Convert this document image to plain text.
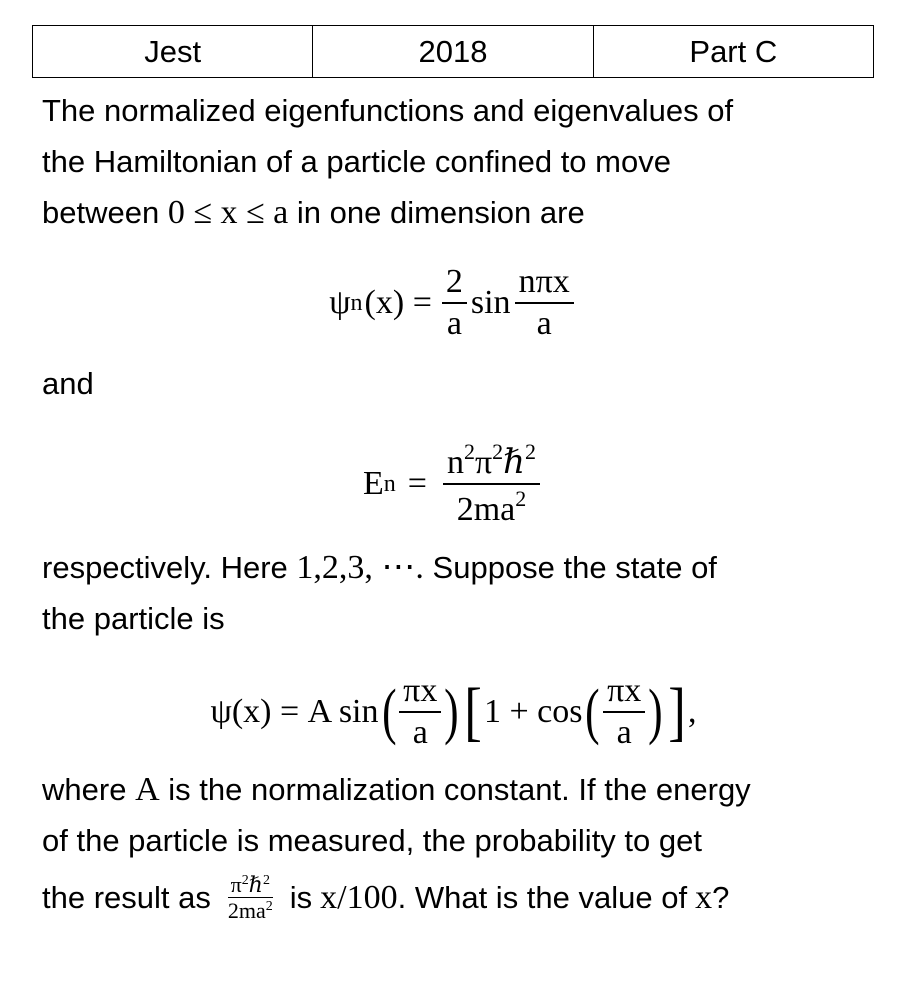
Jest	2018	Part C
The normalized eigenfunctions and eigenvalues of
the Hamiltonian of a particle confined to move
between 0 ≤ x ≤ a in one dimension are
ψ n $(x) = \frac{2}{a}$ $\sin \frac{\text{nπx}}{a}$
and
E $n = \frac{n^2\pi^2\hbar^2}{2ma^2}$
respectively. Here 1,2,3, ⋯. Suppose the state of
the particle is
ψ(x) = A sin ( $\frac{\pi x}{a}$ ) [ 1 + cos ( $\frac{\pi x}{a}$ ) ] ,
where A is the normalization constant. If the energy
of the particle is measured, the probability to get
the result as $\frac{\pi^2\hbar^2}{2ma^2}$ is x/100 . What is the value of x ?
